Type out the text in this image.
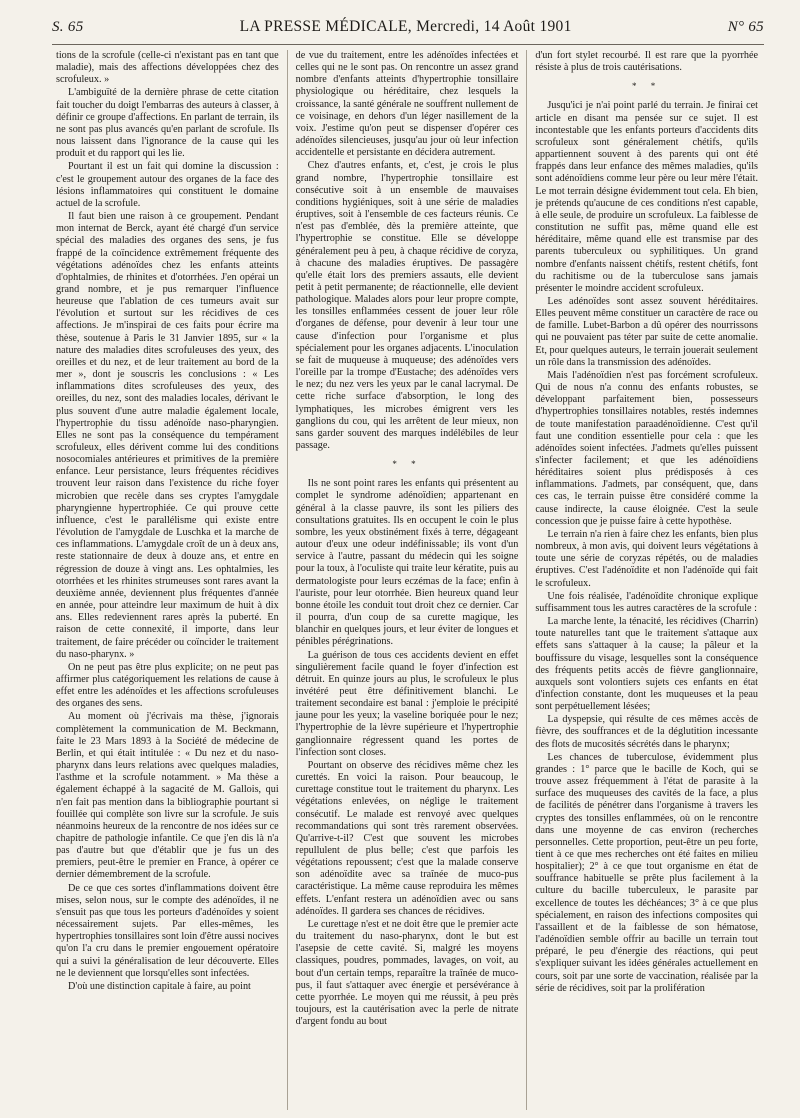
S. 65	LA PRESSE MÉDICALE, Mercredi, 14 Août 1901	N° 65

tions de la scrofule (celle-ci n'existant pas en tant que maladie), mais des affections développées chez des scrofuleux. »

L'ambiguïté de la dernière phrase de cette citation fait toucher du doigt l'embarras des auteurs à classer, à définir ce groupe d'affections. En parlant de terrain, ils ne sont pas plus avancés qu'en parlant de scrofule. Ils nous laissent dans l'ignorance de la cause qui les produit et du rapport qui les lie.

Pourtant il est un fait qui domine la discussion : c'est le groupement autour des organes de la face des lésions inflammatoires qui constituent le domaine actuel de la scrofule.

Il faut bien une raison à ce groupement. Pendant mon internat de Berck, ayant été chargé d'un service spécial des maladies des organes des sens, je fus frappé de la coïncidence extrêmement fréquente des végétations adénoïdes chez les enfants atteints d'ophtalmies, de rhinites et d'otorrhées. J'en opérai un grand nombre, et je pus remarquer l'influence heureuse que l'ablation de ces tumeurs avait sur l'évolution et surtout sur les récidives de ces affections. Je m'inspirai de ces faits pour écrire ma thèse, soutenue à Paris le 31 Janvier 1895, sur « la nature des maladies dites scrofuleuses des yeux, des oreilles et du nez, et de leur traitement au bord de la mer », dont je souscris les conclusions : « Les inflammations dites scrofuleuses des yeux, des oreilles, du nez, sont des maladies locales, dérivant le plus souvent d'une autre maladie également locale, l'hypertrophie du tissu adénoïde naso-pharyngien. Elles ne sont pas la conséquence du tempérament scrofuleux, elles dérivent comme lui des conditions nosocomiales antérieures et primitives de la première enfance. Leur persistance, leurs fréquentes récidives trouvent leur raison dans l'existence du riche foyer microbien que recèle dans ses cryptes l'amygdale pharyngienne hypertrophiée. Ce qui prouve cette influence, c'est le parallélisme qui existe entre l'évolution de l'amygdale de Luschka et la marche de ces inflammations. L'amygdale croît de un à deux ans, reste stationnaire de deux à douze ans, et entre en régression de douze à vingt ans. Les ophtalmies, les otorrhées et les rhinites strumeuses sont rares avant la deuxième année, deviennent plus fréquentes d'année en année, pour atteindre leur maximum de huit à dix ans. Elles redeviennent rares après la puberté. En raison de cette connexité, il importe, dans leur traitement, de faire précéder ou coïncider le traitement du naso-pharynx. »

On ne peut pas être plus explicite; on ne peut pas affirmer plus catégoriquement les relations de cause à effet entre les adénoïdes et les affections scrofuleuses des organes des sens.

Au moment où j'écrivais ma thèse, j'ignorais complètement la communication de M. Beckmann, faite le 23 Mars 1893 à la Société de médecine de Berlin, et qui était intitulée : « Du nez et du naso-pharynx dans leurs relations avec quelques maladies, l'asthme et la scrofule notamment. » Ma thèse a également échappé à la sagacité de M. Gallois, qui n'en fait pas mention dans la bibliographie pourtant si fouillée qui complète son livre sur la scrofule. Je suis néanmoins heureux de la rencontre de nos idées sur ce chapitre de pathologie infantile. Ce que j'en dis là n'a pas d'autre but que d'établir que je fus un des premiers, peut-être le premier en France, à opérer ce dernier démembrement de la scrofule.

De ce que ces sortes d'inflammations doivent être mises, selon nous, sur le compte des adénoïdes, il ne s'ensuit pas que tous les porteurs d'adénoïdes y soient nécessairement sujets. Par elles-mêmes, les hypertrophies tonsillaires sont loin d'être aussi nocives qu'on l'a cru dans le premier engouement opératoire qui a suivi la généralisation de leur découverte. Elles ne le deviennent que lorsqu'elles sont infectées.

D'où une distinction capitale à faire, au point

de vue du traitement, entre les adénoïdes infectées et celles qui ne le sont pas. On rencontre un assez grand nombre d'enfants atteints d'hypertrophie tonsillaire physiologique ou héréditaire, chez lesquels la croissance, la santé générale ne souffrent nullement de ce voisinage, en dehors d'un léger nasillement de la voix. J'estime qu'on peut se dispenser d'opérer ces adénoïdes silencieuses, jusqu'au jour où leur infection accidentelle et persistante en décidera autrement.

Chez d'autres enfants, et, c'est, je crois le plus grand nombre, l'hypertrophie tonsillaire est consécutive soit à un ensemble de mauvaises conditions hygiéniques, soit à une série de maladies éruptives, soit à l'ensemble de ces facteurs réunis. Ce n'est pas d'emblée, dès la première atteinte, que l'hypertrophie se constitue. Elle se développe généralement peu à peu, à chaque récidive de coryza, à chacune des maladies éruptives. De passagère qu'elle était lors des premiers assauts, elle devient petit à petit permanente; de réactionnelle, elle devient pathologique. Malades alors pour leur propre compte, les tonsilles enflammées cessent de jouer leur rôle d'organes de défense, pour devenir à leur tour une cause d'infection pour l'organisme et plus spécialement pour les organes adjacents. L'inoculation se fait de muqueuse à muqueuse; des adénoïdes vers l'oreille par la trompe d'Eustache; des adénoïdes vers le nez; du nez vers les yeux par le canal lacrymal. De cette riche surface d'absorption, le long des lymphatiques, les microbes émigrent vers les ganglions du cou, qui les arrêtent de leur mieux, non sans garder souvent des marques indélébiles de leur passage.

* *

Ils ne sont point rares les enfants qui présentent au complet le syndrome adénoïdien; appartenant en général à la classe pauvre, ils sont les piliers des consultations gratuites. Ils en occupent le coin le plus sombre, les yeux obstinément fixés à terre, dégageant autour d'eux une odeur indéfinissable; ils vont d'un service à l'autre, passant du médecin qui les soigne pour la toux, à l'oculiste qui traite leur kératite, puis au dermatologiste pour leurs eczémas de la face; enfin à l'auriste, pour leur otorrhée. Bien heureux quand leur bonne étoile les conduit tout droit chez ce dernier. Car il pourra, d'un coup de sa curette magique, les blanchir en quelques jours, et leur éviter de longues et pénibles pérégrinations.

La guérison de tous ces accidents devient en effet singulièrement facile quand le foyer d'infection est détruit. En quinze jours au plus, le scrofuleux le plus invétéré peut être définitivement blanchi. Le traitement secondaire est banal : j'emploie le précipité jaune pour les yeux; la vaseline boriquée pour le nez; l'hypertrophie de la lèvre supérieure et l'hypertrophie ganglionnaire régressent quand les portes de l'infection sont closes.

Pourtant on observe des récidives même chez les curettés. En voici la raison. Pour beaucoup, le curettage constitue tout le traitement du pharynx. Les végétations enlevées, on néglige le traitement consécutif. Le malade est renvoyé avec quelques recommandations qui sont très rarement observées. Qu'arrive-t-il? C'est que souvent les microbes repullulent de plus belle; c'est que parfois les végétations repoussent; c'est que la malade conserve son adénoïdite avec sa traînée de muco-pus caractéristique. La même cause reproduira les mêmes effets. L'enfant restera un adénoïdien avec ou sans adénoïdes. Il gardera ses chances de récidives.

Le curettage n'est et ne doit être que le premier acte du traitement du naso-pharynx, dont le but est l'asepsie de cette cavité. Si, malgré les moyens classiques, poudres, pommades, lavages, on voit, au bout d'un certain temps, reparaître la traînée de muco-pus, il faut s'attaquer avec énergie et persévérance à cette pyorrhée. Le moyen qui me réussit, à peu près toujours, est la cautérisation avec la perle de nitrate d'argent fondu au bout

d'un fort stylet recourbé. Il est rare que la pyorrhée résiste à plus de trois cautérisations.

* *

Jusqu'ici je n'ai point parlé du terrain. Je finirai cet article en disant ma pensée sur ce sujet. Il est incontestable que les enfants porteurs d'accidents dits scrofuleux sont généralement chétifs, qu'ils appartiennent souvent à des parents qui ont été frappés dans leur enfance des mêmes maladies, qu'ils sont adénoïdiens comme leur père ou leur mère l'était. Le mot terrain désigne évidemment tout cela. Eh bien, je prétends qu'aucune de ces conditions n'est capable, à elle seule, de produire un scrofuleux. La faiblesse de constitution ne suffit pas, même quand elle est héréditaire, même quand elle est transmise par des parents tuberculeux ou syphilitiques. Un grand nombre d'enfants naissent chétifs, restent chétifs, font du rachitisme ou de la tuberculose sans jamais présenter le moindre accident scrofuleux.

Les adénoïdes sont assez souvent héréditaires. Elles peuvent même constituer un caractère de race ou de famille. Lubet-Barbon a dû opérer des nourrissons qui ne pouvaient pas téter par suite de cette anomalie. Et, pour quelques auteurs, le terrain jouerait seulement un rôle dans la transmission des adénoïdes.

Mais l'adénoïdien n'est pas forcément scrofuleux. Qui de nous n'a connu des enfants robustes, se développant parfaitement bien, possesseurs d'hypertrophies tonsillaires notables, restés indemnes de toute manifestation paraadénoïdienne. C'est qu'il faut une condition essentielle pour cela : que les adénoïdes soient infectées. J'admets qu'elles puissent s'infecter facilement; et que les adénoïdiens héréditaires soient plus prédisposés à ces inflammations. J'admets, par conséquent, que, dans ces cas, le terrain puisse être considéré comme la cause indirecte, la cause éloignée. C'est la seule concession que je puisse faire à cette hypothèse.

Le terrain n'a rien à faire chez les enfants, bien plus nombreux, à mon avis, qui doivent leurs végétations à toute une série de coryzas répétés, ou de maladies éruptives. C'est l'adénoïdite et non l'adénoïde qui fait le scrofuleux.

Une fois réalisée, l'adénoïdite chronique explique suffisamment tous les autres caractères de la scrofule :

La marche lente, la ténacité, les récidives (Charrin) toute naturelles tant que le traitement s'attaque aux effets sans s'attaquer à la cause; la pâleur et la bouffissure du visage, lesquelles sont la conséquence des fréquents petits accès de fièvre ganglionnaire, auxquels sont volontiers sujets ces enfants en état d'infection constante, dont les muqueuses et la peau sont perpétuellement lésées;

La dyspepsie, qui résulte de ces mêmes accès de fièvre, des souffrances et de la déglutition incessante des flots de mucosités sécrétés dans le pharynx;

Les chances de tuberculose, évidemment plus grandes : 1° parce que le bacille de Koch, qui se trouve assez fréquemment à l'état de parasite à la surface des muqueuses des cavités de la face, a plus de facilités de pénétrer dans l'organisme à travers les cryptes des tonsilles enflammées, où on le rencontre dans une moyenne de cas environ (recherches personnelles. Cette proportion, peut-être un peu forte, tient à ce que mes recherches ont été faites en milieu hospitalier); 2° à ce que tout organisme en état de souffrance habituelle se prête plus facilement à la culture du bacille tuberculeux, le parasite par excellence de toutes les déchéances; 3° à ce que plus spécialement, en raison des infections composites qui l'assaillent et de la faiblesse de son hématose, l'adénoïdien semble offrir au bacille un terrain tout préparé, le peu d'énergie des réactions, qui peut s'expliquer suivant les idées générales actuellement en cours, soit par une sorte de vaccination, réalisée par la série de récidives, soit par la prolifération
